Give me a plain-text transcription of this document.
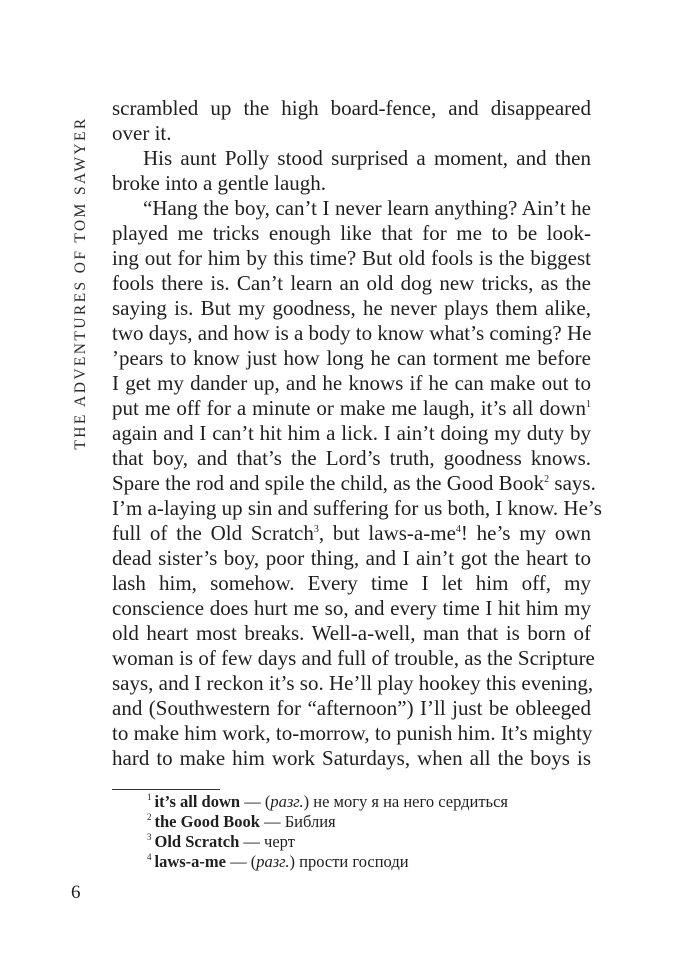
THE ADVENTURES OF TOM SAWYER
scrambled up the high board-fence, and disappeared
over it.
His aunt Polly stood surprised a moment, and then
broke into a gentle laugh.
“Hang the boy, can’t I never learn anything? Ain’t he
played me tricks enough like that for me to be look-
ing out for him by this time? But old fools is the biggest
fools there is. Can’t learn an old dog new tricks, as the
saying is. But my goodness, he never plays them alike,
two days, and how is a body to know what’s coming? He
’pears to know just how long he can torment me before
I get my dander up, and he knows if he can make out to
put me off for a minute or make me laugh, it’s all down$^1$
again and I can’t hit him a lick. I ain’t doing my duty by
that boy, and that’s the Lord’s truth, goodness knows.
Spare the rod and spile the child, as the Good Book$^2$ says.
I’m a-laying up sin and suffering for us both, I know. He’s
full of the Old Scratch$^3$, but laws-$a-me^4$! he’s my own
dead sister’s boy, poor thing, and I ain’t got the heart to
lash him, somehow. Every time I let him off, my
conscience does hurt me so, and every time I hit him my
old heart most breaks. Well-a-well, man that is born of
woman is of few days and full of trouble, as the Scripture
says, and I reckon it’s so. He’ll play hookey this evening,
and (Southwestern for “afternoon”) I’ll just be obleeged
to make him work, to-morrow, to punish him. It’s mighty
hard to make him work Saturdays, when all the boys is
$^1$ it’s all down — (разг.) не могу я на него сердиться
$^2$ the Good Book — Библия
$^3$ Old Scratch — черт
$^4$ laws-a-me — (разг.) прости господи
6
